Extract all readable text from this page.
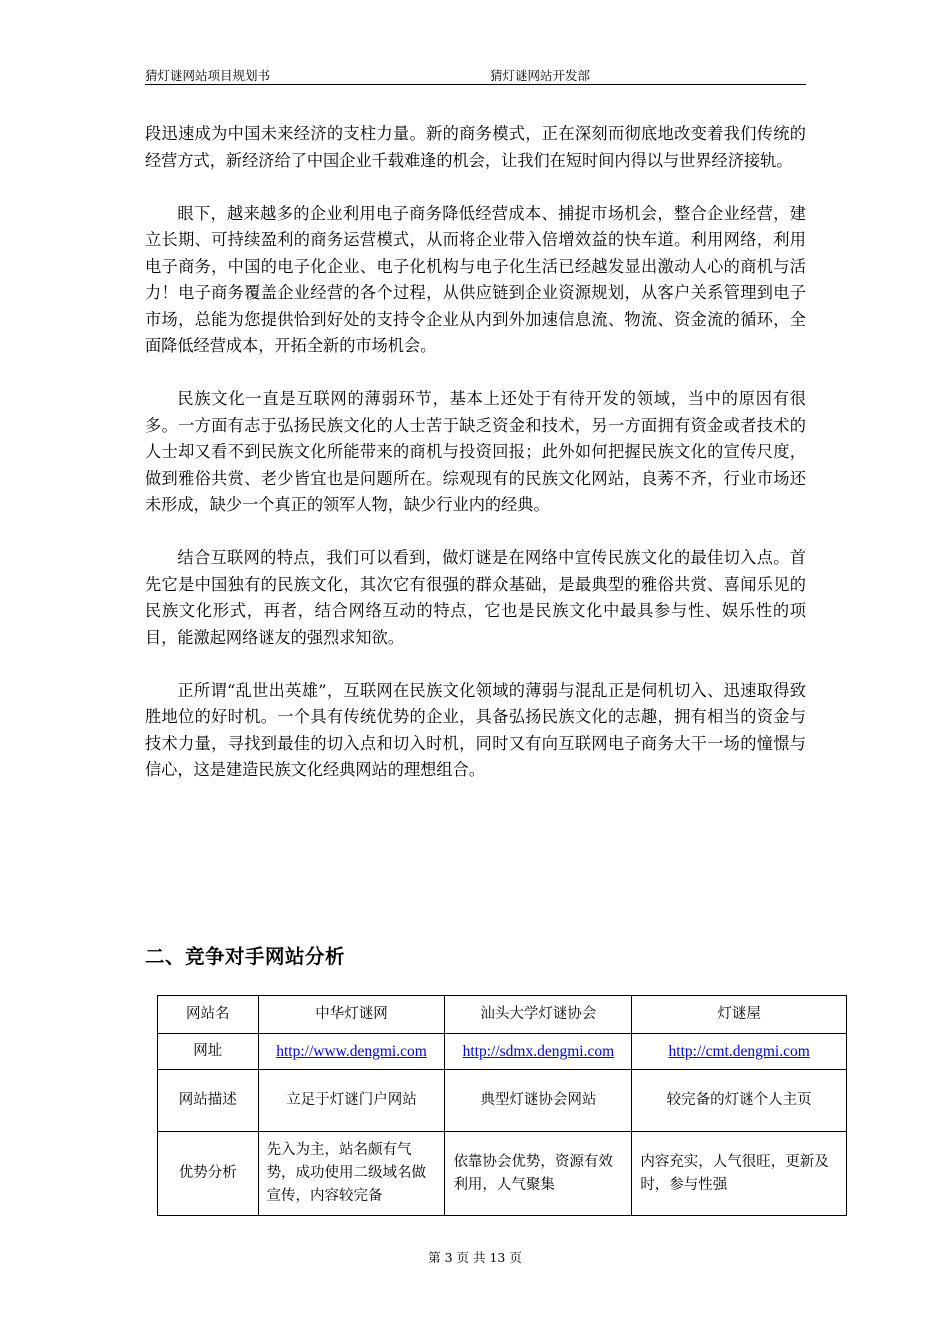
猜灯谜网站项目规划书	猜灯谜网站开发部

段迅速成为中国未来经济的支柱力量。新的商务模式，正在深刻而彻底地改变着我们传统的经营方式，新经济给了中国企业千载难逢的机会，让我们在短时间内得以与世界经济接轨。

眼下，越来越多的企业利用电子商务降低经营成本、捕捉市场机会，整合企业经营，建立长期、可持续盈利的商务运营模式，从而将企业带入倍增效益的快车道。利用网络，利用电子商务，中国的电子化企业、电子化机构与电子化生活已经越发显出激动人心的商机与活力！电子商务覆盖企业经营的各个过程，从供应链到企业资源规划，从客户关系管理到电子市场，总能为您提供恰到好处的支持令企业从内到外加速信息流、物流、资金流的循环，全面降低经营成本，开拓全新的市场机会。

民族文化一直是互联网的薄弱环节，基本上还处于有待开发的领域，当中的原因有很多。一方面有志于弘扬民族文化的人士苦于缺乏资金和技术，另一方面拥有资金或者技术的人士却又看不到民族文化所能带来的商机与投资回报；此外如何把握民族文化的宣传尺度，做到雅俗共赏、老少皆宜也是问题所在。综观现有的民族文化网站，良莠不齐，行业市场还未形成，缺少一个真正的领军人物，缺少行业内的经典。

结合互联网的特点，我们可以看到，做灯谜是在网络中宣传民族文化的最佳切入点。首先它是中国独有的民族文化，其次它有很强的群众基础，是最典型的雅俗共赏、喜闻乐见的民族文化形式，再者，结合网络互动的特点，它也是民族文化中最具参与性、娱乐性的项目，能激起网络谜友的强烈求知欲。

正所谓“乱世出英雄”，互联网在民族文化领域的薄弱与混乱正是伺机切入、迅速取得致胜地位的好时机。一个具有传统优势的企业，具备弘扬民族文化的志趣，拥有相当的资金与技术力量，寻找到最佳的切入点和切入时机，同时又有向互联网电子商务大干一场的憧憬与信心，这是建造民族文化经典网站的理想组合。

二、竞争对手网站分析
网站名	中华灯谜网	汕头大学灯谜协会	灯谜屋
网址	http://www.dengmi.com	http://sdmx.dengmi.com	http://cmt.dengmi.com
网站描述	立足于灯谜门户网站	典型灯谜协会网站	较完备的灯谜个人主页
优势分析	先入为主，站名颇有气势，成功使用二级域名做宣传，内容较完备	依靠协会优势，资源有效利用，人气聚集	内容充实，人气很旺，更新及时，参与性强
第 3 页 共 13 页
